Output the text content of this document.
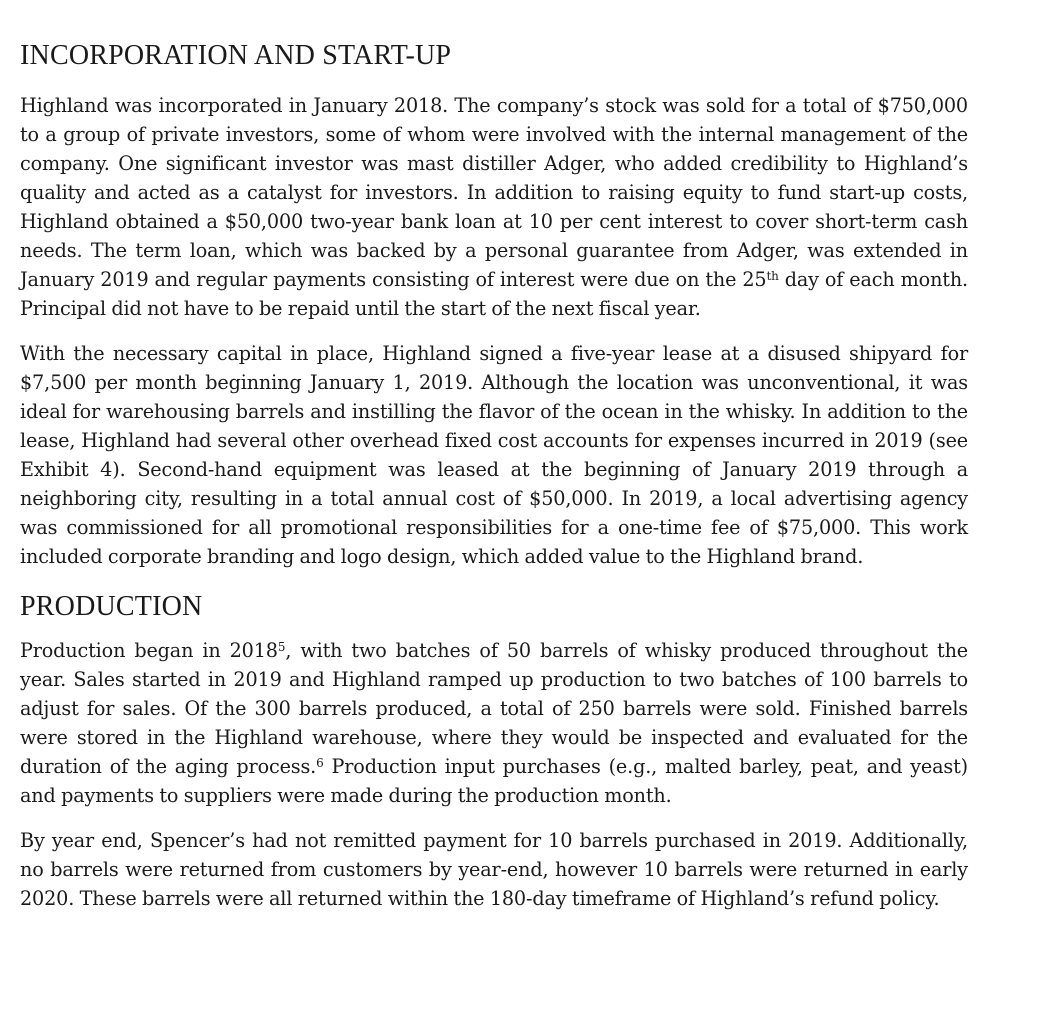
INCORPORATION AND START-UP

Highland was incorporated in January 2018. The company’s stock was sold for a total of $750,000 to a group of private investors, some of whom were involved with the internal management of the company. One significant investor was mast distiller Adger, who added credibility to Highland’s quality and acted as a catalyst for investors. In addition to raising equity to fund start-up costs, Highland obtained a $50,000 two-year bank loan at 10 per cent interest to cover short-term cash needs. The term loan, which was backed by a personal guarantee from Adger, was extended in January 2019 and regular payments consisting of interest were due on the 25th day of each month. Principal did not have to be repaid until the start of the next fiscal year.

With the necessary capital in place, Highland signed a five-year lease at a disused shipyard for $7,500 per month beginning January 1, 2019. Although the location was unconventional, it was ideal for warehousing barrels and instilling the flavor of the ocean in the whisky. In addition to the lease, Highland had several other overhead fixed cost accounts for expenses incurred in 2019 (see Exhibit 4). Second-hand equipment was leased at the beginning of January 2019 through a neighboring city, resulting in a total annual cost of $50,000. In 2019, a local advertising agency was commissioned for all promotional responsibilities for a one-time fee of $75,000. This work included corporate branding and logo design, which added value to the Highland brand.

PRODUCTION

Production began in 2018$^5$, with two batches of 50 barrels of whisky produced throughout the year. Sales started in 2019 and Highland ramped up production to two batches of 100 barrels to adjust for sales. Of the 300 barrels produced, a total of 250 barrels were sold. Finished barrels were stored in the Highland warehouse, where they would be inspected and evaluated for the duration of the aging process.$^6$ Production input purchases (e.g., malted barley, peat, and yeast) and payments to suppliers were made during the production month.

By year end, Spencer’s had not remitted payment for 10 barrels purchased in 2019. Additionally, no barrels were returned from customers by year-end, however 10 barrels were returned in early 2020. These barrels were all returned within the 180-day timeframe of Highland’s refund policy.
